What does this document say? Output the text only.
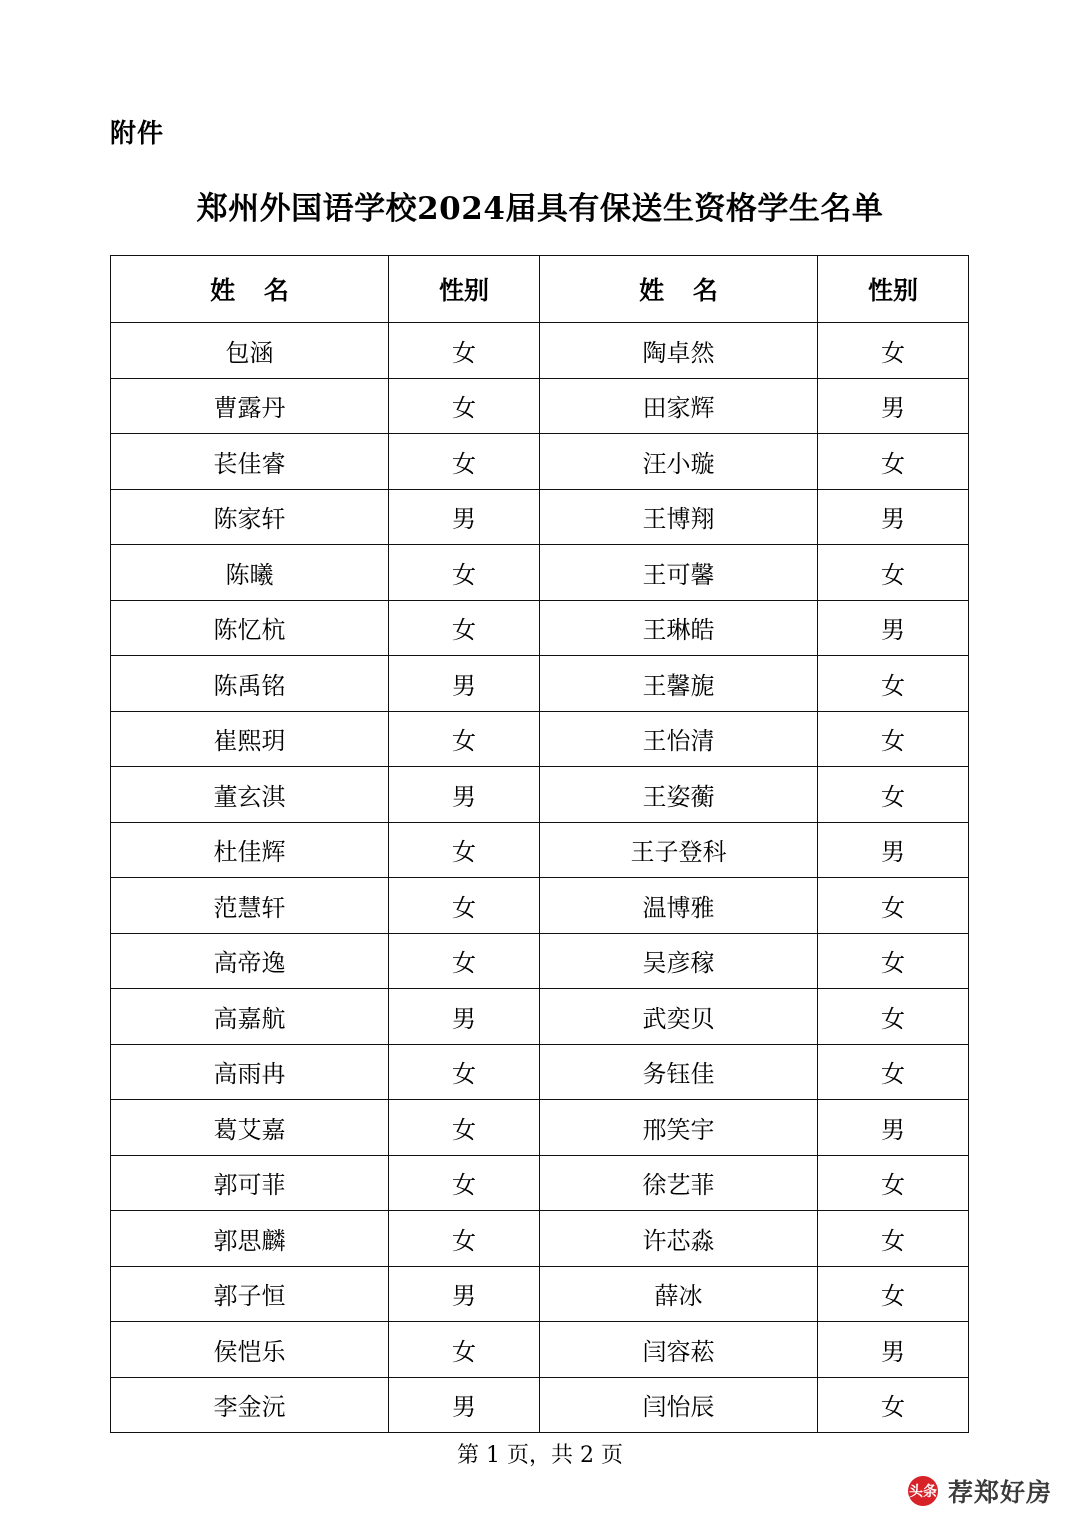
附件
郑州外国语学校2024届具有保送生资格学生名单
姓 名	性别	姓 名	性别
包涵	女	陶卓然	女
曹露丹	女	田家辉	男
苌佳睿	女	汪小璇	女
陈家轩	男	王博翔	男
陈曦	女	王可馨	女
陈忆杭	女	王琳皓	男
陈禹铭	男	王馨旎	女
崔熙玥	女	王怡清	女
董玄淇	男	王姿蘅	女
杜佳辉	女	王子登科	男
范慧轩	女	温博雅	女
高帝逸	女	吴彦稼	女
高嘉航	男	武奕贝	女
高雨冉	女	务钰佳	女
葛艾嘉	女	邢笑宇	男
郭可菲	女	徐艺菲	女
郭思麟	女	许芯淼	女
郭子恒	男	薛冰	女
侯恺乐	女	闫容菘	男
李金沅	男	闫怡辰	女
第 1 页，共 2 页
头条 荐郑好房
